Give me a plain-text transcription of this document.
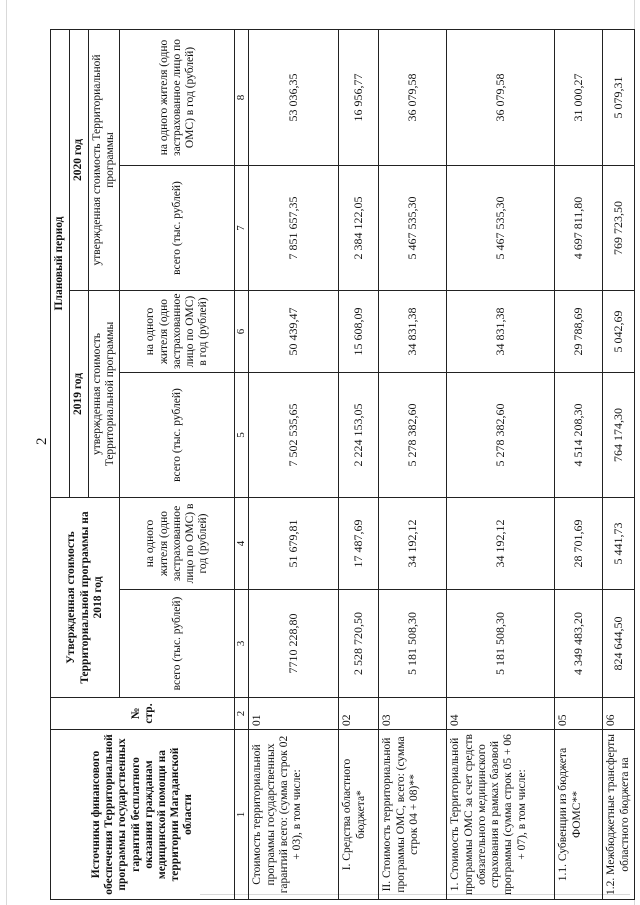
2
Источники финансового обеспечения Территориальной программы государственных гарантий бесплатного оказания гражданам медицинской помощи на территории Магаданской области	№ стр.	Утвержденная стоимость Территориальной программы на 2018 год		Плановый период			
				2019 год		2020 год	
				утвержденная стоимость Территориальной программы		утвержденная стоимость Территориальной программы	
		всего (тыс. рублей)	на одного жителя (одно застрахованное лицо по ОМС) в год (рублей)	всего (тыс. рублей)	на одного жителя (одно застрахованное лицо по ОМС) в год (рублей)	всего (тыс. рублей)	на одного жителя (одно застрахованное лицо по ОМС) в год (рублей)
1	2	3	4	5	6	7	8
Стоимость территориальной программы государственных гарантий всего: (сумма строк 02 + 03), в том числе:	01	7710 228,80	51 679,81	7 502 535,65	50 439,47	7 851 657,35	53 036,35
I. Средства областного бюджета*	02	2 528 720,50	17 487,69	2 224 153,05	15 608,09	2 384 122,05	16 956,77
II. Стоимость территориальной программы ОМС, всего: (сумма строк 04 + 08)**	03	5 181 508,30	34 192,12	5 278 382,60	34 831,38	5 467 535,30	36 079,58
1. Стоимость Территориальной программы ОМС за счет средств обязательного медицинского страхования в рамках базовой программы (сумма строк 05 + 06 + 07), в том числе:	04	5 181 508,30	34 192,12	5 278 382,60	34 831,38	5 467 535,30	36 079,58
1.1. Субвенции из бюджета ФОМС**	05	4 349 483,20	28 701,69	4 514 208,30	29 788,69	4 697 811,80	31 000,27
1.2. Межбюджетные трансферты областного бюджета на	06	824 644,50	5 441,73	764 174,30	5 042,69	769 723,50	5 079,31
